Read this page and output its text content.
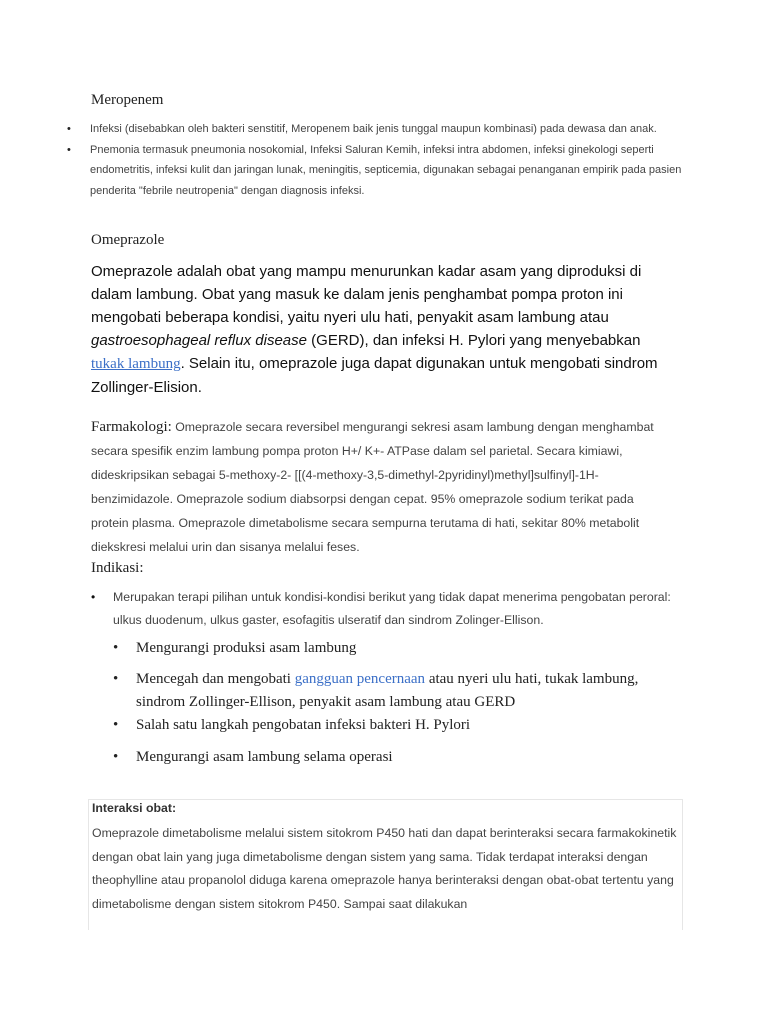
Meropenem
• Infeksi (disebabkan oleh bakteri senstitif, Meropenem baik jenis tunggal maupun kombinasi) pada dewasa dan anak.
• Pnemonia termasuk pneumonia nosokomial, Infeksi Saluran Kemih, infeksi intra abdomen, infeksi ginekologi seperti endometritis, infeksi kulit dan jaringan lunak, meningitis, septicemia, digunakan sebagai penanganan empirik pada pasien penderita "febrile neutropenia" dengan diagnosis infeksi.
Omeprazole
Omeprazole adalah obat yang mampu menurunkan kadar asam yang diproduksi di dalam lambung. Obat yang masuk ke dalam jenis penghambat pompa proton ini mengobati beberapa kondisi, yaitu nyeri ulu hati, penyakit asam lambung atau gastroesophageal reflux disease (GERD), dan infeksi H. Pylori yang menyebabkan tukak lambung. Selain itu, omeprazole juga dapat digunakan untuk mengobati sindrom Zollinger-Elision.
Farmakologi: Omeprazole secara reversibel mengurangi sekresi asam lambung dengan menghambat secara spesifik enzim lambung pompa proton H+/ K+- ATPase dalam sel parietal. Secara kimiawi, dideskripsikan sebagai 5-methoxy-2- [[(4-methoxy-3,5-dimethyl-2pyridinyl)methyl]sulfinyl]-1H-benzimidazole. Omeprazole sodium diabsorpsi dengan cepat. 95% omeprazole sodium terikat pada protein plasma. Omeprazole dimetabolisme secara sempurna terutama di hati, sekitar 80% metabolit diekskresi melalui urin dan sisanya melalui feses.
Indikasi:
•	Merupakan terapi pilihan untuk kondisi-kondisi berikut yang tidak dapat menerima pengobatan peroral: ulkus duodenum, ulkus gaster, esofagitis ulseratif dan sindrom Zolinger-Ellison.
•	Mengurangi produksi asam lambung
•	Mencegah dan mengobati gangguan pencernaan atau nyeri ulu hati, tukak lambung, sindrom Zollinger-Ellison, penyakit asam lambung atau GERD
•	Salah satu langkah pengobatan infeksi bakteri H. Pylori
•	Mengurangi asam lambung selama operasi
Interaksi obat:
Omeprazole dimetabolisme melalui sistem sitokrom P450 hati dan dapat berinteraksi secara farmakokinetik dengan obat lain yang juga dimetabolisme dengan sistem yang sama. Tidak terdapat interaksi dengan theophylline atau propanolol diduga karena omeprazole hanya berinteraksi dengan obat-obat tertentu yang dimetabolisme dengan sistem sitokrom P450. Sampai saat dilakukan
